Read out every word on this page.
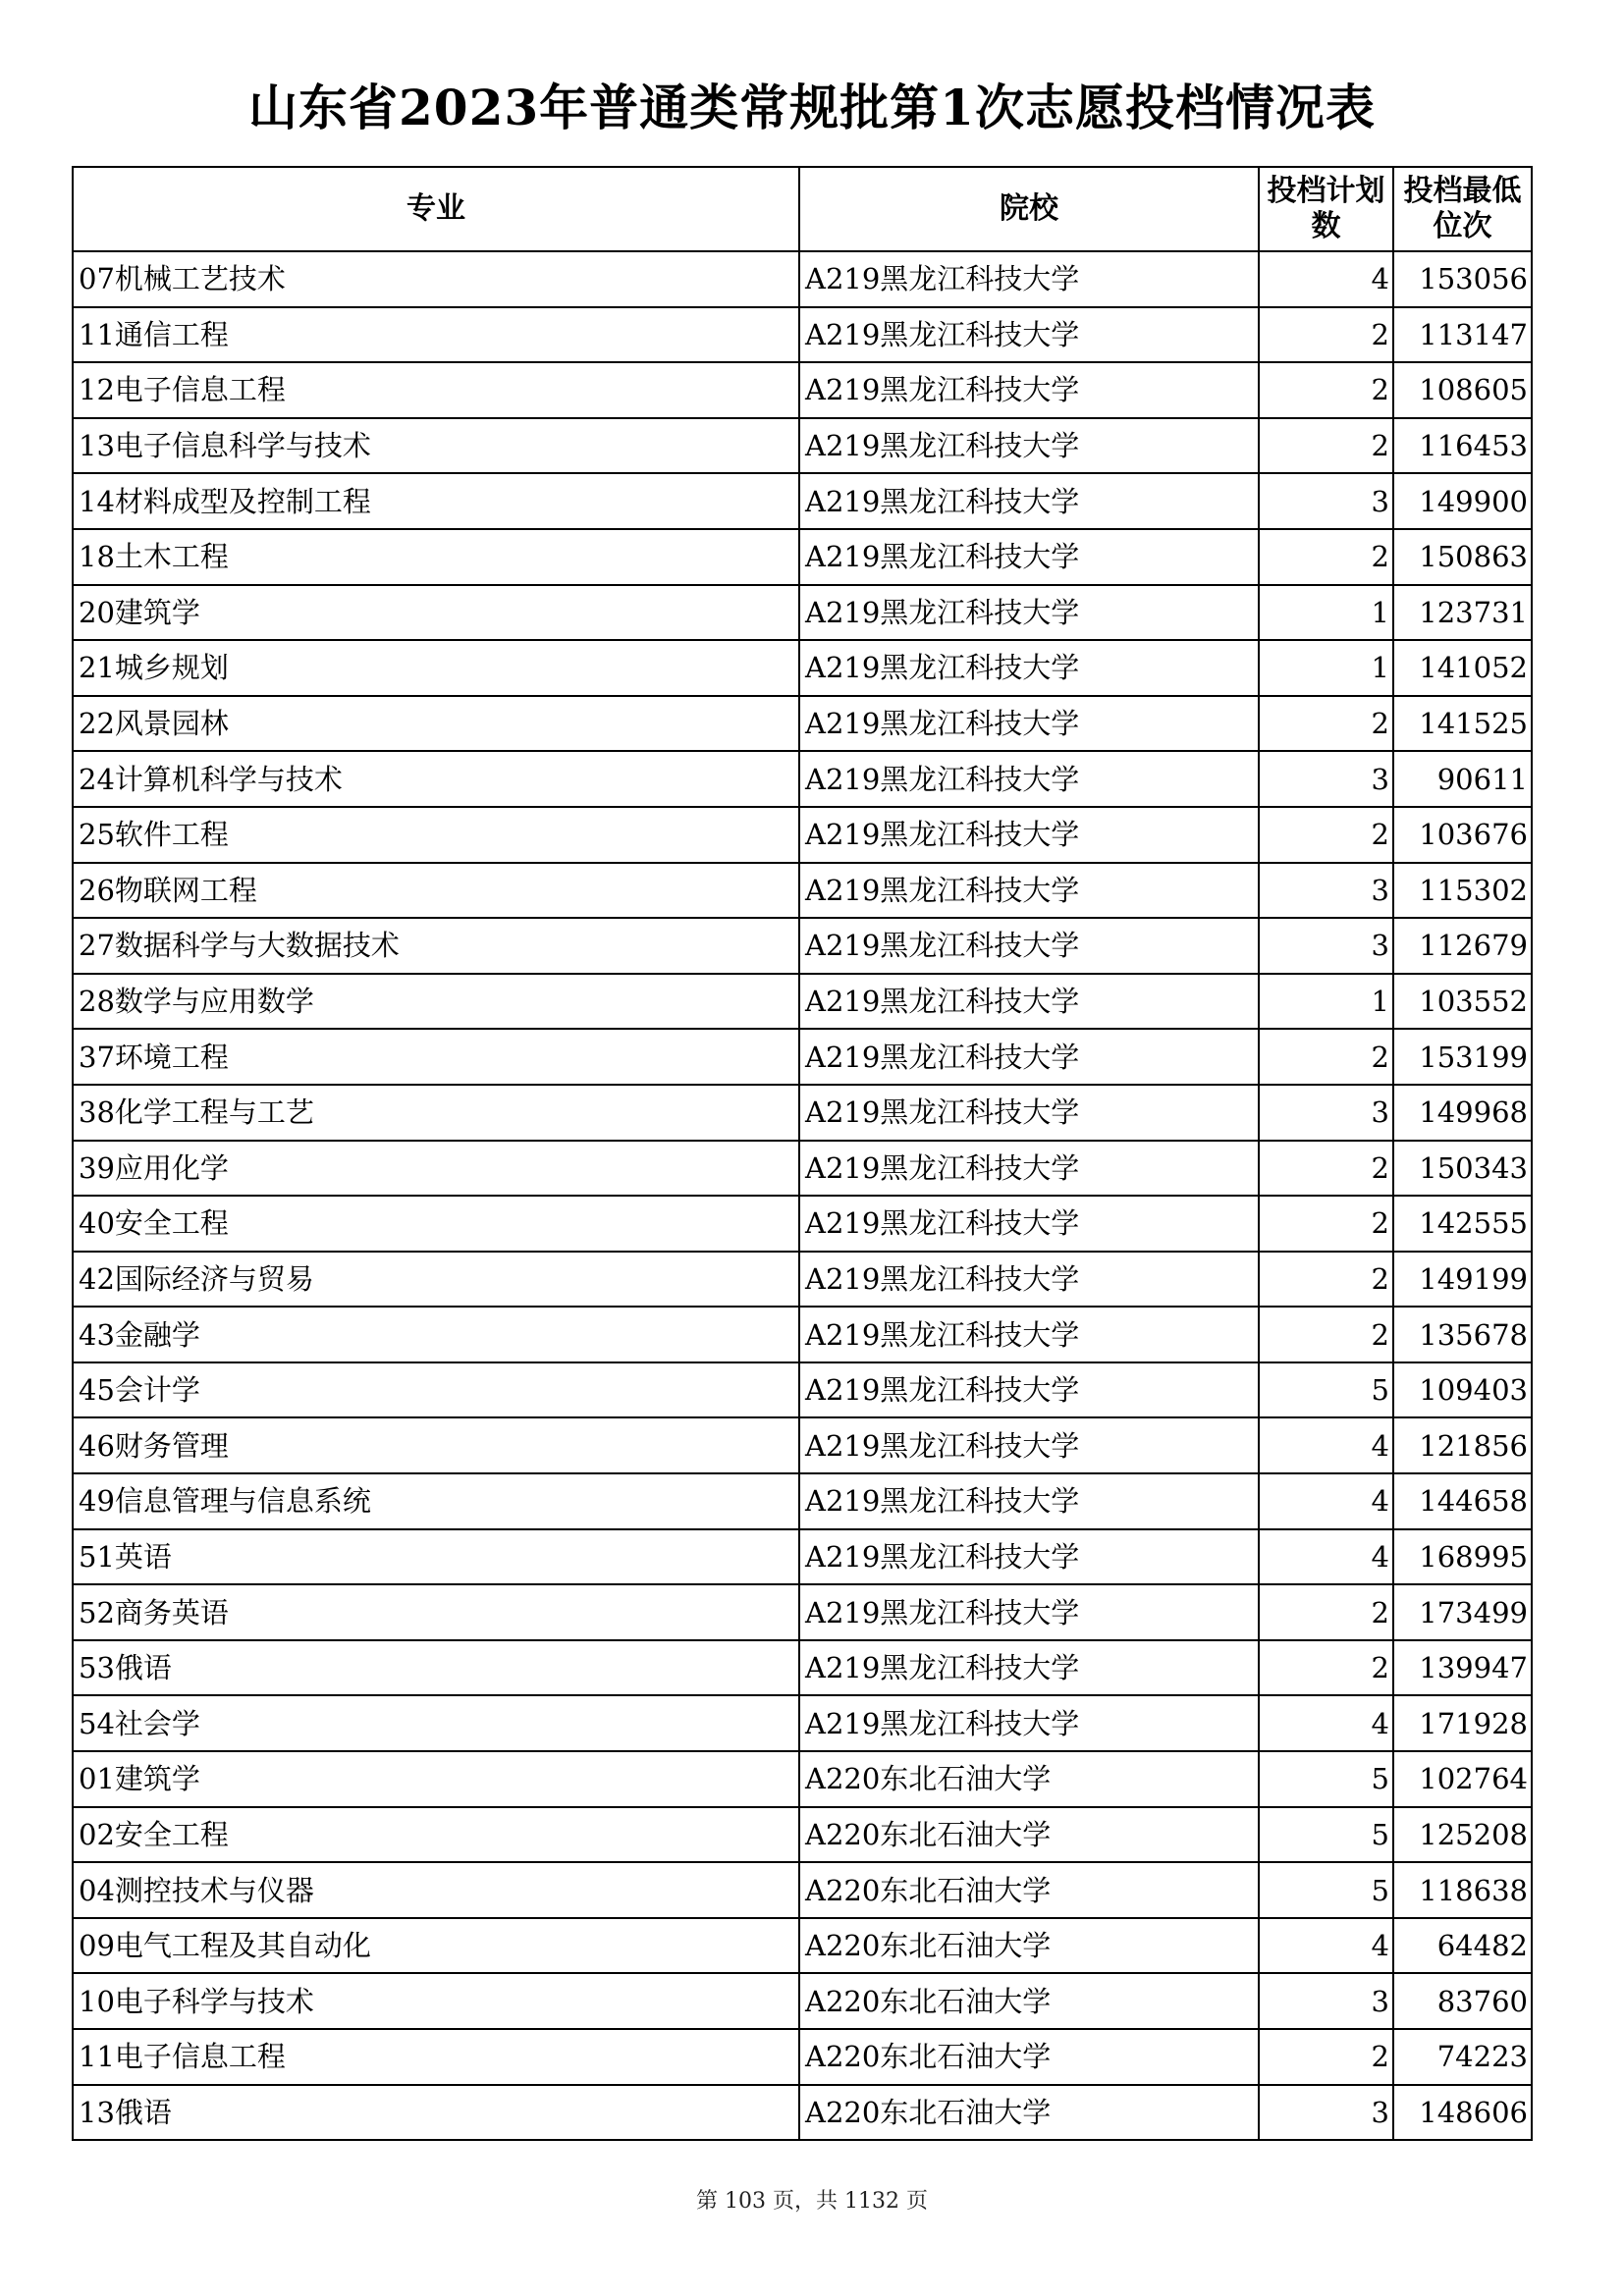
山东省2023年普通类常规批第1次志愿投档情况表
专业	院校	投档计划数	投档最低位次
07机械工艺技术	A219黑龙江科技大学	4	153056
11通信工程	A219黑龙江科技大学	2	113147
12电子信息工程	A219黑龙江科技大学	2	108605
13电子信息科学与技术	A219黑龙江科技大学	2	116453
14材料成型及控制工程	A219黑龙江科技大学	3	149900
18土木工程	A219黑龙江科技大学	2	150863
20建筑学	A219黑龙江科技大学	1	123731
21城乡规划	A219黑龙江科技大学	1	141052
22风景园林	A219黑龙江科技大学	2	141525
24计算机科学与技术	A219黑龙江科技大学	3	90611
25软件工程	A219黑龙江科技大学	2	103676
26物联网工程	A219黑龙江科技大学	3	115302
27数据科学与大数据技术	A219黑龙江科技大学	3	112679
28数学与应用数学	A219黑龙江科技大学	1	103552
37环境工程	A219黑龙江科技大学	2	153199
38化学工程与工艺	A219黑龙江科技大学	3	149968
39应用化学	A219黑龙江科技大学	2	150343
40安全工程	A219黑龙江科技大学	2	142555
42国际经济与贸易	A219黑龙江科技大学	2	149199
43金融学	A219黑龙江科技大学	2	135678
45会计学	A219黑龙江科技大学	5	109403
46财务管理	A219黑龙江科技大学	4	121856
49信息管理与信息系统	A219黑龙江科技大学	4	144658
51英语	A219黑龙江科技大学	4	168995
52商务英语	A219黑龙江科技大学	2	173499
53俄语	A219黑龙江科技大学	2	139947
54社会学	A219黑龙江科技大学	4	171928
01建筑学	A220东北石油大学	5	102764
02安全工程	A220东北石油大学	5	125208
04测控技术与仪器	A220东北石油大学	5	118638
09电气工程及其自动化	A220东北石油大学	4	64482
10电子科学与技术	A220东北石油大学	3	83760
11电子信息工程	A220东北石油大学	2	74223
13俄语	A220东北石油大学	3	148606
第 103 页，共 1132 页
